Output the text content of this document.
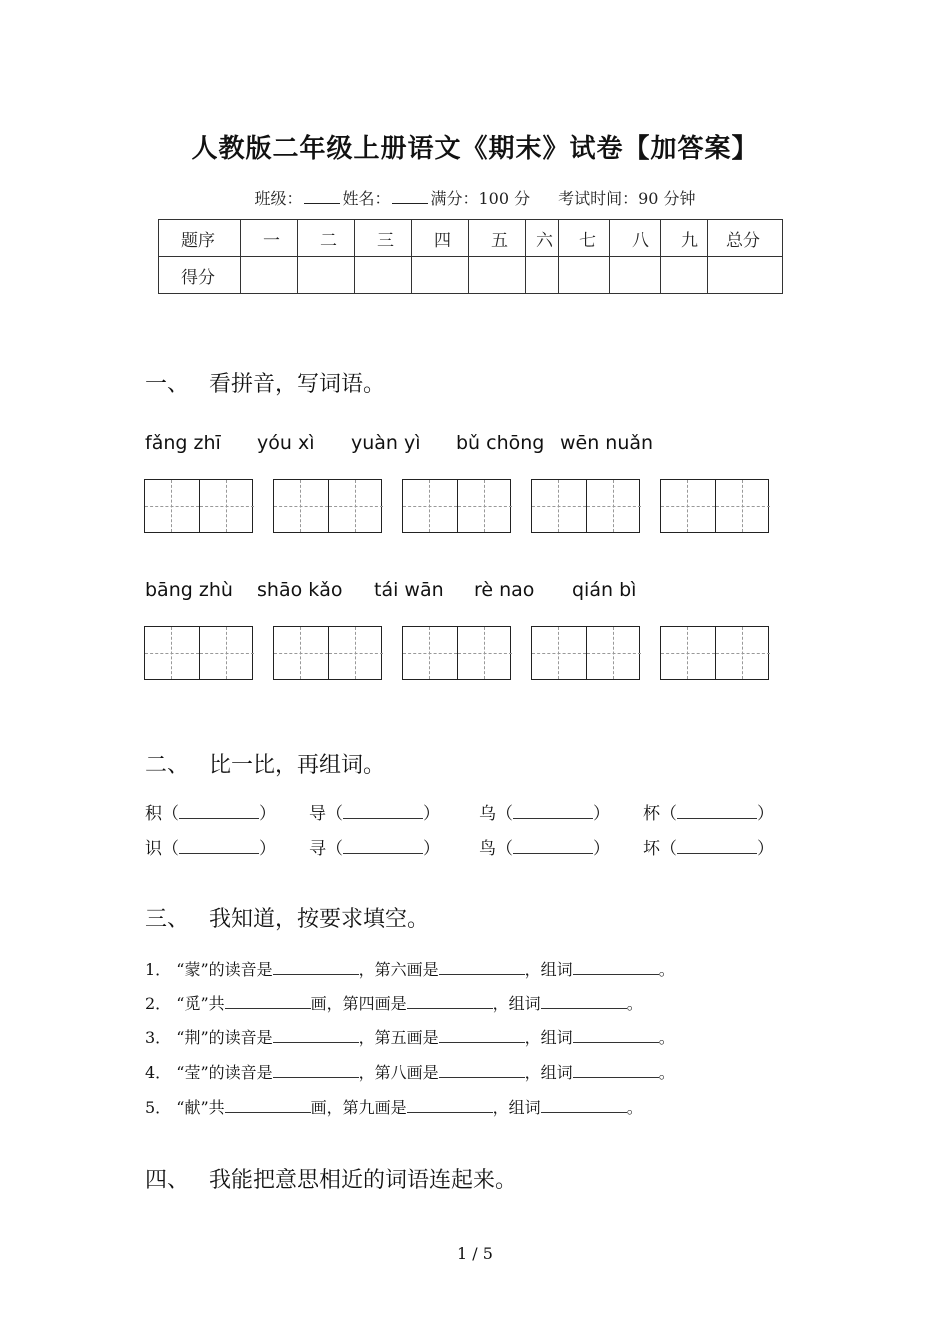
人教版二年级上册语文《期末》试卷【加答案】
班级：	姓名：	满分：100 分 考试时间：90 分钟
题序	一	二	三	四	五	六	七	八	九	总分
得分										
一、 看拼音，写词语。
fǎng zhī yóu xì yuàn yì bǔ chōng wēn nuǎn
bāng zhù shāo kǎo tái wān rè nao qián bì
二、 比一比，再组词。
积（	） 导（	） 乌（	） 杯（	）
识（	） 寻（	） 鸟（	） 坏（	）
三、 我知道，按要求填空。
1． “蒙”的读音是	，第六画是	，组词	。
2． “觅”共	画，第四画是	，组词	。
3． “荆”的读音是	，第五画是	，组词	。
4． “莹”的读音是	，第八画是	，组词	。
5． “献”共	画，第九画是	，组词	。
四、 我能把意思相近的词语连起来。
1 / 5
